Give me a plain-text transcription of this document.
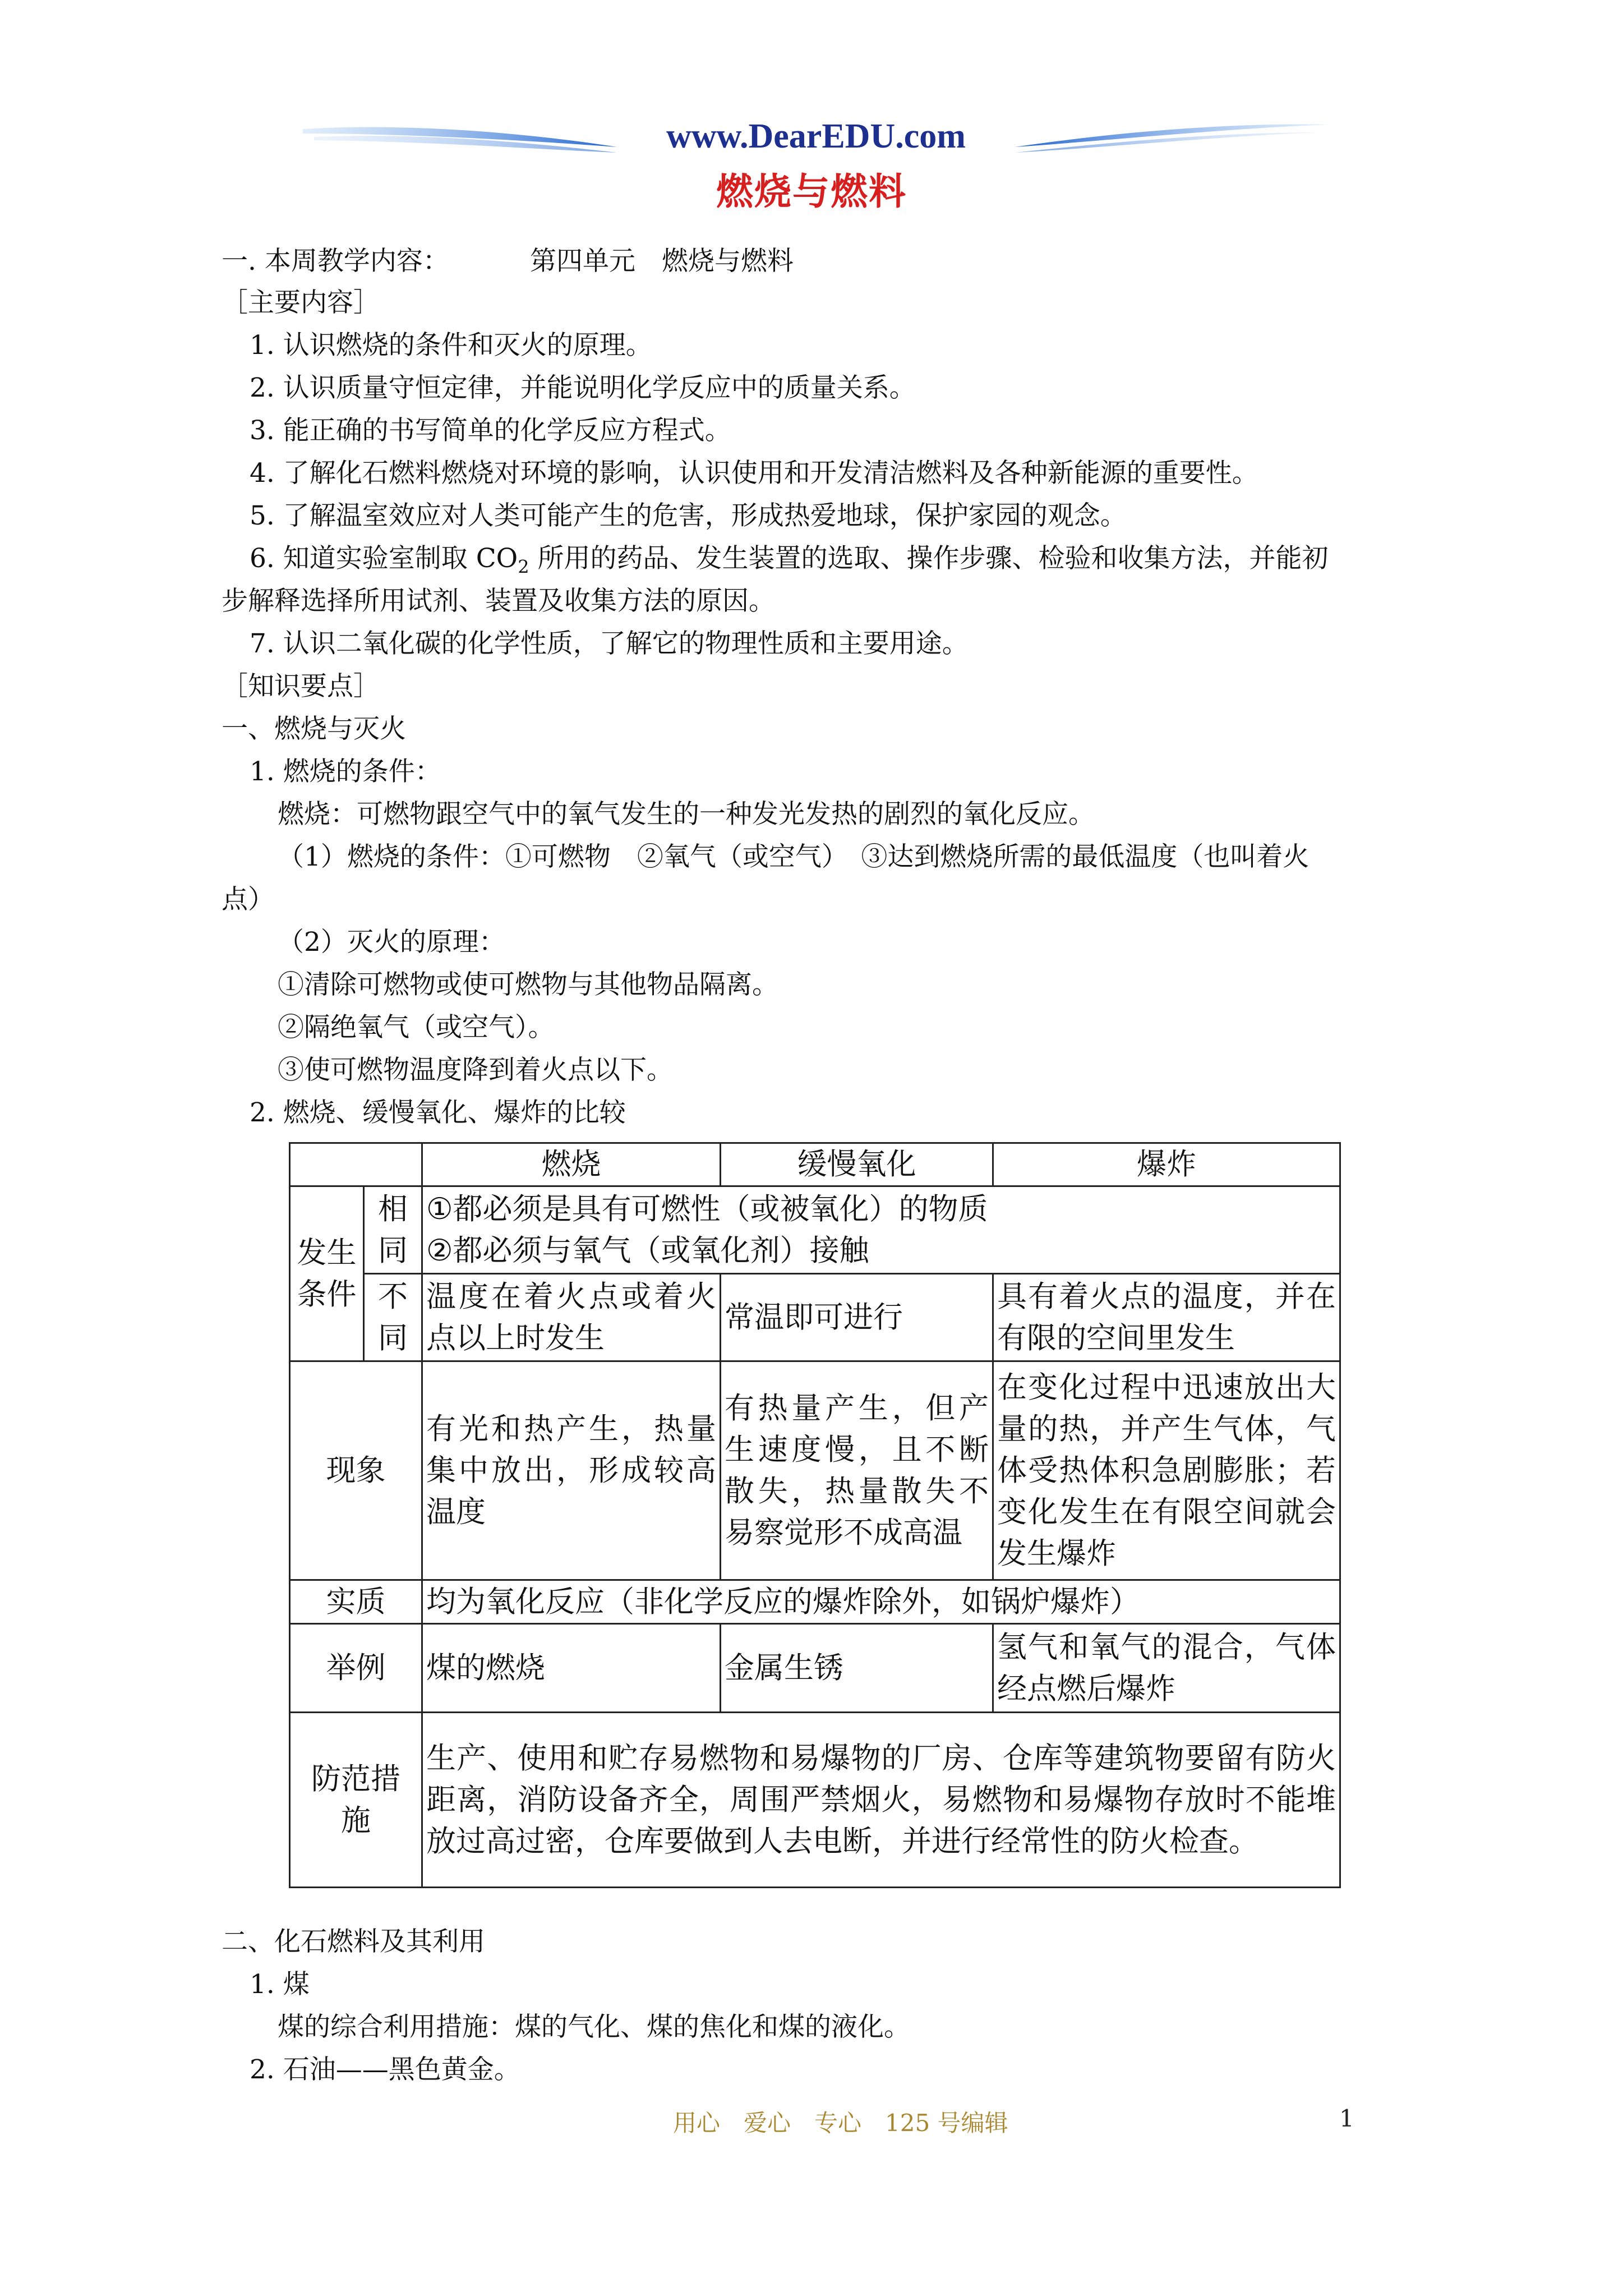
www.DearEDU.com
燃烧与燃料
一. 本周教学内容：	第四单元　燃烧与燃料
［主要内容］
1. 认识燃烧的条件和灭火的原理。
2. 认识质量守恒定律，并能说明化学反应中的质量关系。
3. 能正确的书写简单的化学反应方程式。
4. 了解化石燃料燃烧对环境的影响，认识使用和开发清洁燃料及各种新能源的重要性。
5. 了解温室效应对人类可能产生的危害，形成热爱地球，保护家园的观念。
6. 知道实验室制取 $CO_2$ 所用的药品、发生装置的选取、操作步骤、检验和收集方法，并能初
步解释选择所用试剂、装置及收集方法的原因。
7. 认识二氧化碳的化学性质，了解它的物理性质和主要用途。
［知识要点］
一、燃烧与灭火
1. 燃烧的条件：
燃烧：可燃物跟空气中的氧气发生的一种发光发热的剧烈的氧化反应。
（1）燃烧的条件：①可燃物　②氧气（或空气）　③达到燃烧所需的最低温度（也叫着火
点）
（2）灭火的原理：
①清除可燃物或使可燃物与其他物品隔离。
②隔绝氧气（或空气）。
③使可燃物温度降到着火点以下。
2. 燃烧、缓慢氧化、爆炸的比较
		燃烧	缓慢氧化	爆炸
发生条件	相同	①都必须是具有可燃性（或被氧化）的物质
②都必须与氧气（或氧化剂）接触		

	不同	温度在着火点或着火点以上时发生	常温即可进行	具有着火点的温度，并在有限的空间里发生
现象		有光和热产生，热量集中放出，形成较高温度	有热量产生，但产生速度慢，且不断散失，热量散失不易察觉形不成高温	在变化过程中迅速放出大量的热，并产生气体，气体受热体积急剧膨胀；若变化发生在有限空间就会发生爆炸
实质		均为氧化反应（非化学反应的爆炸除外，如锅炉爆炸）		
举例		煤的燃烧	金属生锈	氢气和氧气的混合，气体经点燃后爆炸
防范措施		生产、使用和贮存易燃物和易爆物的厂房、仓库等建筑物要留有防火距离，消防设备齐全，周围严禁烟火，易燃物和易爆物存放时不能堆放过高过密，仓库要做到人去电断，并进行经常性的防火检查。		
二、化石燃料及其利用
1. 煤
煤的综合利用措施：煤的气化、煤的焦化和煤的液化。
2. 石油——黑色黄金。
用心　爱心　专心　125 号编辑	1
